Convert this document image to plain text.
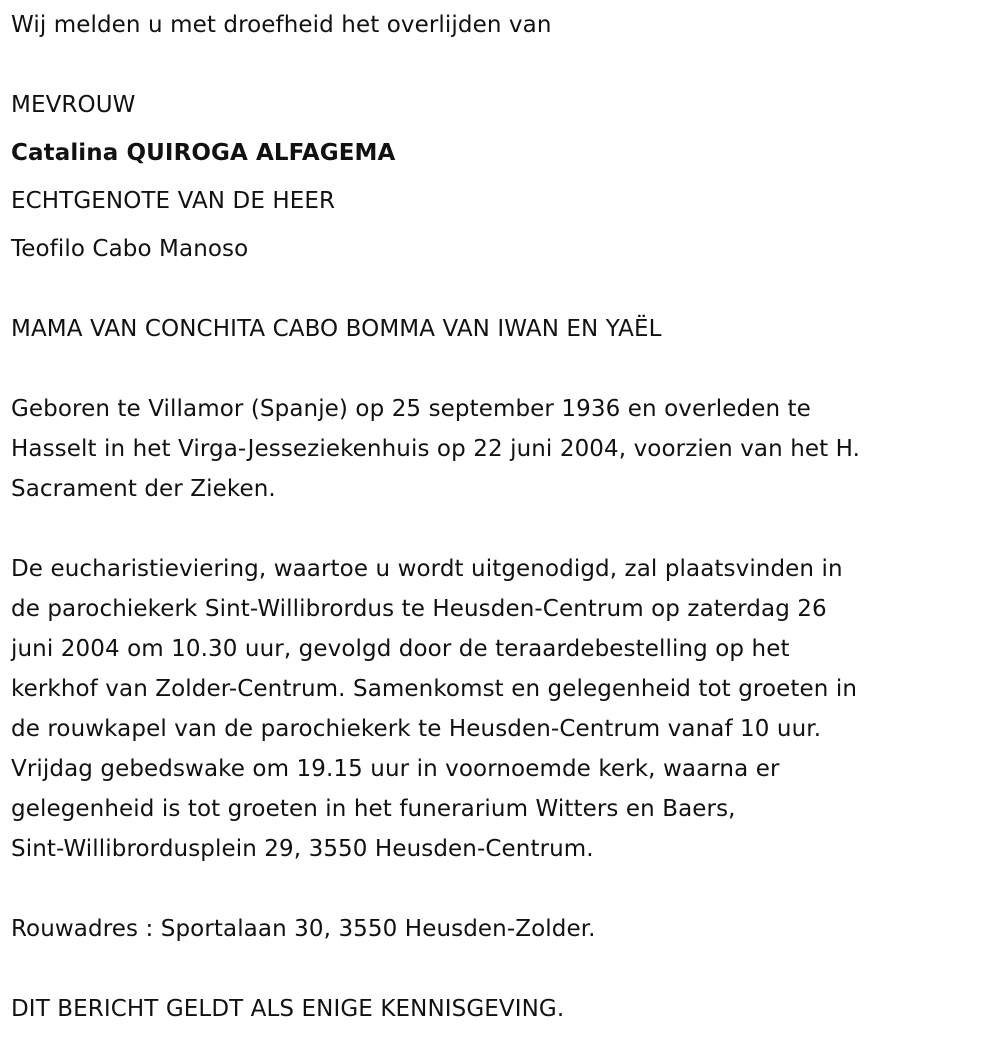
Wij melden u met droefheid het overlijden van

MEVROUW

Catalina QUIROGA ALFAGEMA

ECHTGENOTE VAN DE HEER

Teofilo Cabo Manoso

MAMA VAN CONCHITA CABO BOMMA VAN IWAN EN YAËL

Geboren te Villamor (Spanje) op 25 september 1936 en overleden te

Hasselt in het Virga-Jesseziekenhuis op 22 juni 2004, voorzien van het H.

Sacrament der Zieken.

De eucharistieviering, waartoe u wordt uitgenodigd, zal plaatsvinden in

de parochiekerk Sint-Willibrordus te Heusden-Centrum op zaterdag 26

juni 2004 om 10.30 uur, gevolgd door de teraardebestelling op het

kerkhof van Zolder-Centrum. Samenkomst en gelegenheid tot groeten in

de rouwkapel van de parochiekerk te Heusden-Centrum vanaf 10 uur.

Vrijdag gebedswake om 19.15 uur in voornoemde kerk, waarna er

gelegenheid is tot groeten in het funerarium Witters en Baers,

Sint-Willibrordusplein 29, 3550 Heusden-Centrum.

Rouwadres : Sportalaan 30, 3550 Heusden-Zolder.

DIT BERICHT GELDT ALS ENIGE KENNISGEVING.
